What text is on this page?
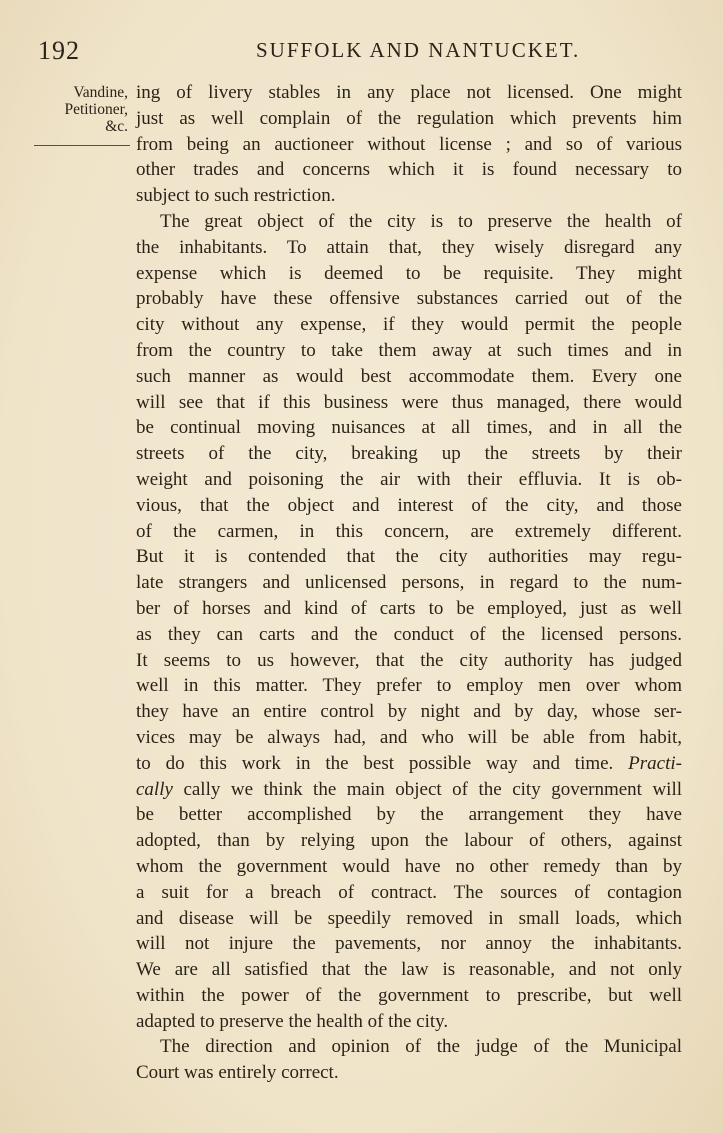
192	SUFFOLK AND NANTUCKET.
Vandine,
Petitioner,
&c.
ing of livery stables in any place not licensed. One might
just as well complain of the regulation which prevents him
from being an auctioneer without license ; and so of various
other trades and concerns which it is found necessary to
subject to such restriction.
The great object of the city is to preserve the health of
the inhabitants. To attain that, they wisely disregard any
expense which is deemed to be requisite. They might
probably have these offensive substances carried out of the
city without any expense, if they would permit the people
from the country to take them away at such times and in
such manner as would best accommodate them. Every one
will see that if this business were thus managed, there would
be continual moving nuisances at all times, and in all the
streets of the city, breaking up the streets by their
weight and poisoning the air with their effluvia. It is ob-
vious, that the object and interest of the city, and those
of the carmen, in this concern, are extremely different.
But it is contended that the city authorities may regu-
late strangers and unlicensed persons, in regard to the num-
ber of horses and kind of carts to be employed, just as well
as they can carts and the conduct of the licensed persons.
It seems to us however, that the city authority has judged
well in this matter. They prefer to employ men over whom
they have an entire control by night and by day, whose ser-
vices may be always had, and who will be able from habit,
to do this work in the best possible way and time. Practi-
cally cally we think the main object of the city government will
be better accomplished by the arrangement they have
adopted, than by relying upon the labour of others, against
whom the government would have no other remedy than by
a suit for a breach of contract. The sources of contagion
and disease will be speedily removed in small loads, which
will not injure the pavements, nor annoy the inhabitants.
We are all satisfied that the law is reasonable, and not only
within the power of the government to prescribe, but well
adapted to preserve the health of the city.
The direction and opinion of the judge of the Municipal
Court was entirely correct.
